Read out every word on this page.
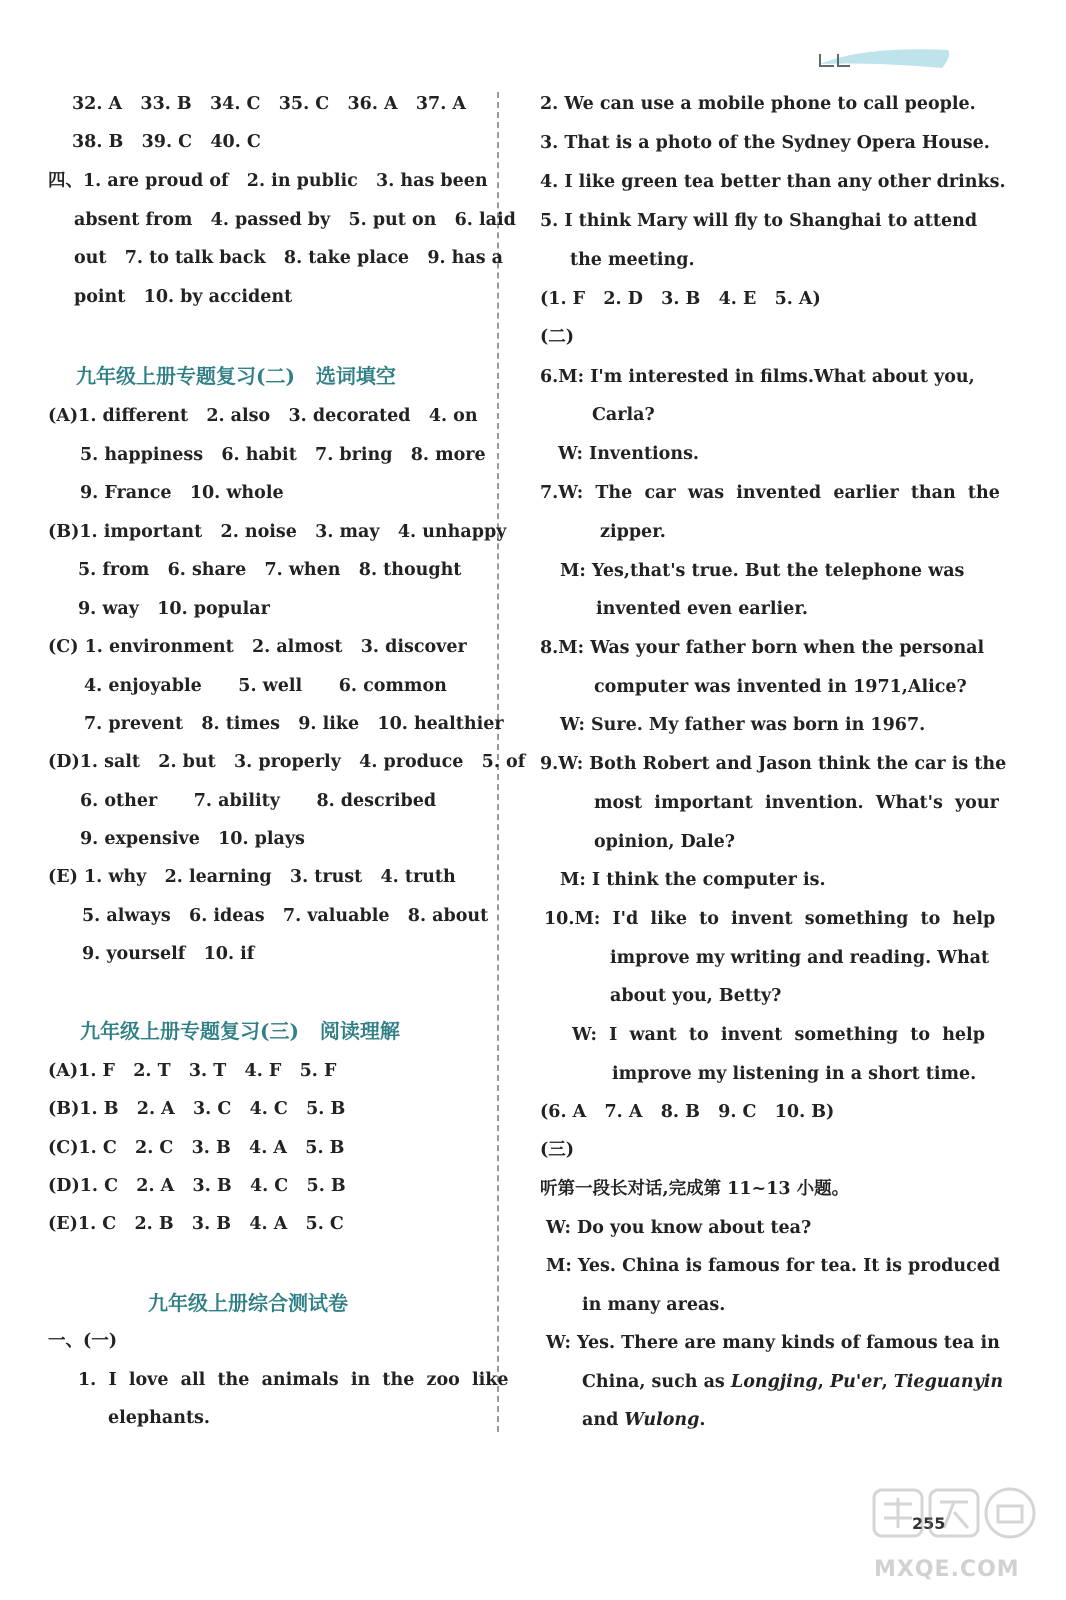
32. A   33. B   34. C   35. C   36. A   37. A
38. B   39. C   40. C
四、1. are proud of   2. in public   3. has been
absent from   4. passed by   5. put on   6. laid
out   7. to talk back   8. take place   9. has a
point   10. by accident
九年级上册专题复习(二)   选词填空
(A)1. different   2. also   3. decorated   4. on
5. happiness   6. habit   7. bring   8. more
9. France   10. whole
(B)1. important   2. noise   3. may   4. unhappy
5. from   6. share   7. when   8. thought
9. way   10. popular
(C) 1. environment   2. almost   3. discover
4. enjoyable      5. well      6. common
7. prevent   8. times   9. like   10. healthier
(D)1. salt   2. but   3. properly   4. produce   5. of
6. other      7. ability      8. described
9. expensive   10. plays
(E) 1. why   2. learning   3. trust   4. truth
5. always   6. ideas   7. valuable   8. about
9. yourself   10. if
九年级上册专题复习(三)   阅读理解
(A)1. F   2. T   3. T   4. F   5. F
(B)1. B   2. A   3. C   4. C   5. B
(C)1. C   2. C   3. B   4. A   5. B
(D)1. C   2. A   3. B   4. C   5. B
(E)1. C   2. B   3. B   4. A   5. C
九年级上册综合测试卷
一、(一)
1.  I  love  all  the  animals  in  the  zoo  like
elephants.
2. We can use a mobile phone to call people.
3. That is a photo of the Sydney Opera House.
4. I like green tea better than any other drinks.
5. I think Mary will fly to Shanghai to attend
the meeting.
(1. F   2. D   3. B   4. E   5. A)
(二)
6.M: I'm interested in films.What about you,
Carla?
W: Inventions.
7.W:  The  car  was  invented  earlier  than  the
zipper.
M: Yes,that's true. But the telephone was
invented even earlier.
8.M: Was your father born when the personal
computer was invented in 1971,Alice?
W: Sure. My father was born in 1967.
9.W: Both Robert and Jason think the car is the
most  important  invention.  What's  your
opinion, Dale?
M: I think the computer is.
10.M:  I'd  like  to  invent  something  to  help
improve my writing and reading. What
about you, Betty?
W:  I  want  to  invent  something  to  help
improve my listening in a short time.
(6. A   7. A   8. B   9. C   10. B)
(三)
听第一段长对话,完成第 11~13 小题。
W: Do you know about tea?
M: Yes. China is famous for tea. It is produced
in many areas.
W: Yes. There are many kinds of famous tea in
China, such as Longjing, Pu'er, Tieguanyin
and Wulong.
255
MXQE.COM
